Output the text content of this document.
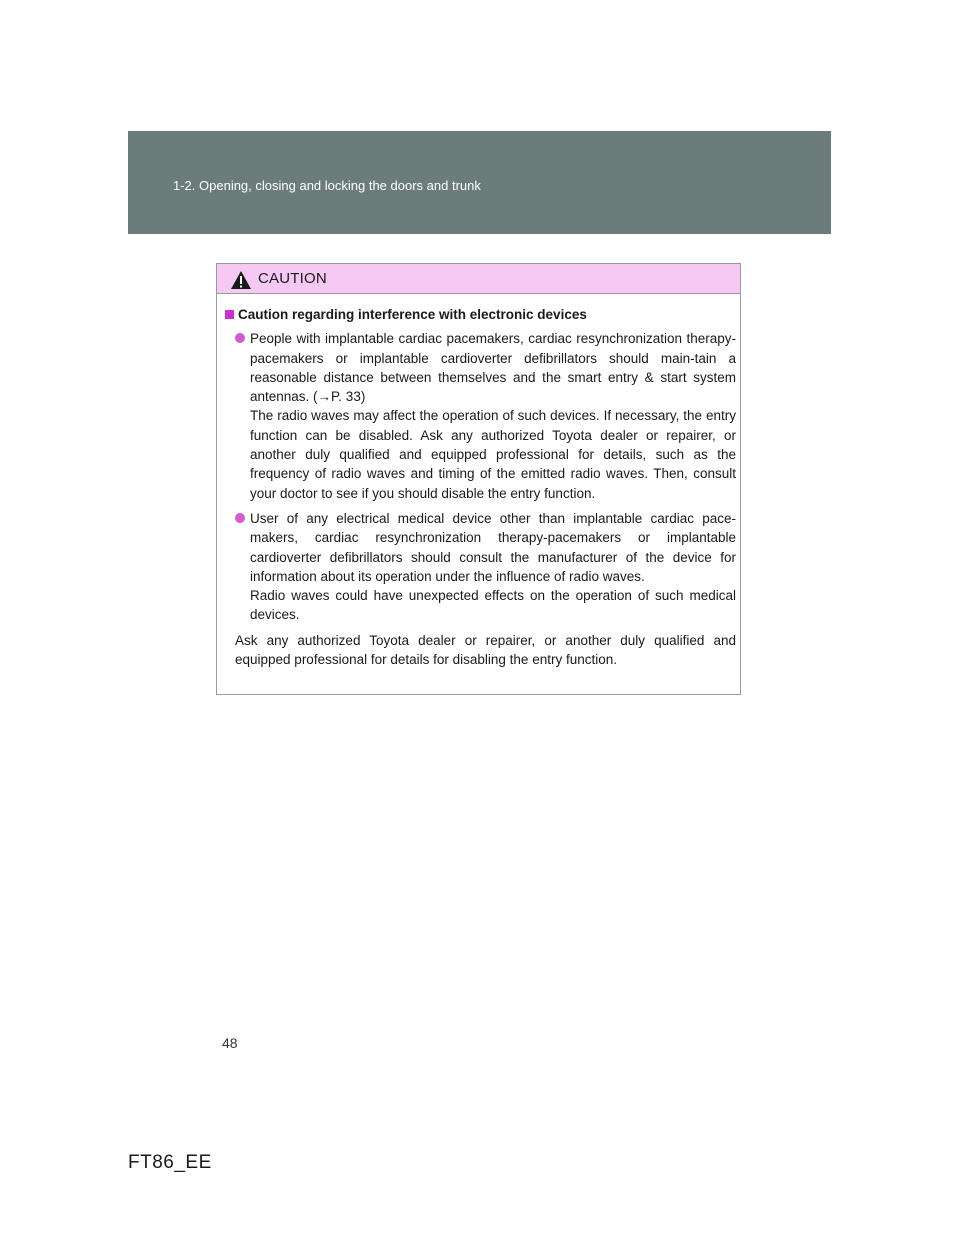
1-2. Opening, closing and locking the doors and trunk
CAUTION
Caution regarding interference with electronic devices

People with implantable cardiac pacemakers, cardiac resynchronization therapy-pacemakers or implantable cardioverter defibrillators should main-tain a reasonable distance between themselves and the smart entry & start system antennas. (→P. 33)

The radio waves may affect the operation of such devices. If necessary, the entry function can be disabled. Ask any authorized Toyota dealer or repairer, or another duly qualified and equipped professional for details, such as the frequency of radio waves and timing of the emitted radio waves. Then, consult your doctor to see if you should disable the entry function.

User of any electrical medical device other than implantable cardiac pace-makers, cardiac resynchronization therapy-pacemakers or implantable cardioverter defibrillators should consult the manufacturer of the device for information about its operation under the influence of radio waves.

Radio waves could have unexpected effects on the operation of such medical devices.

Ask any authorized Toyota dealer or repairer, or another duly qualified and equipped professional for details for disabling the entry function.
48
FT86_EE
